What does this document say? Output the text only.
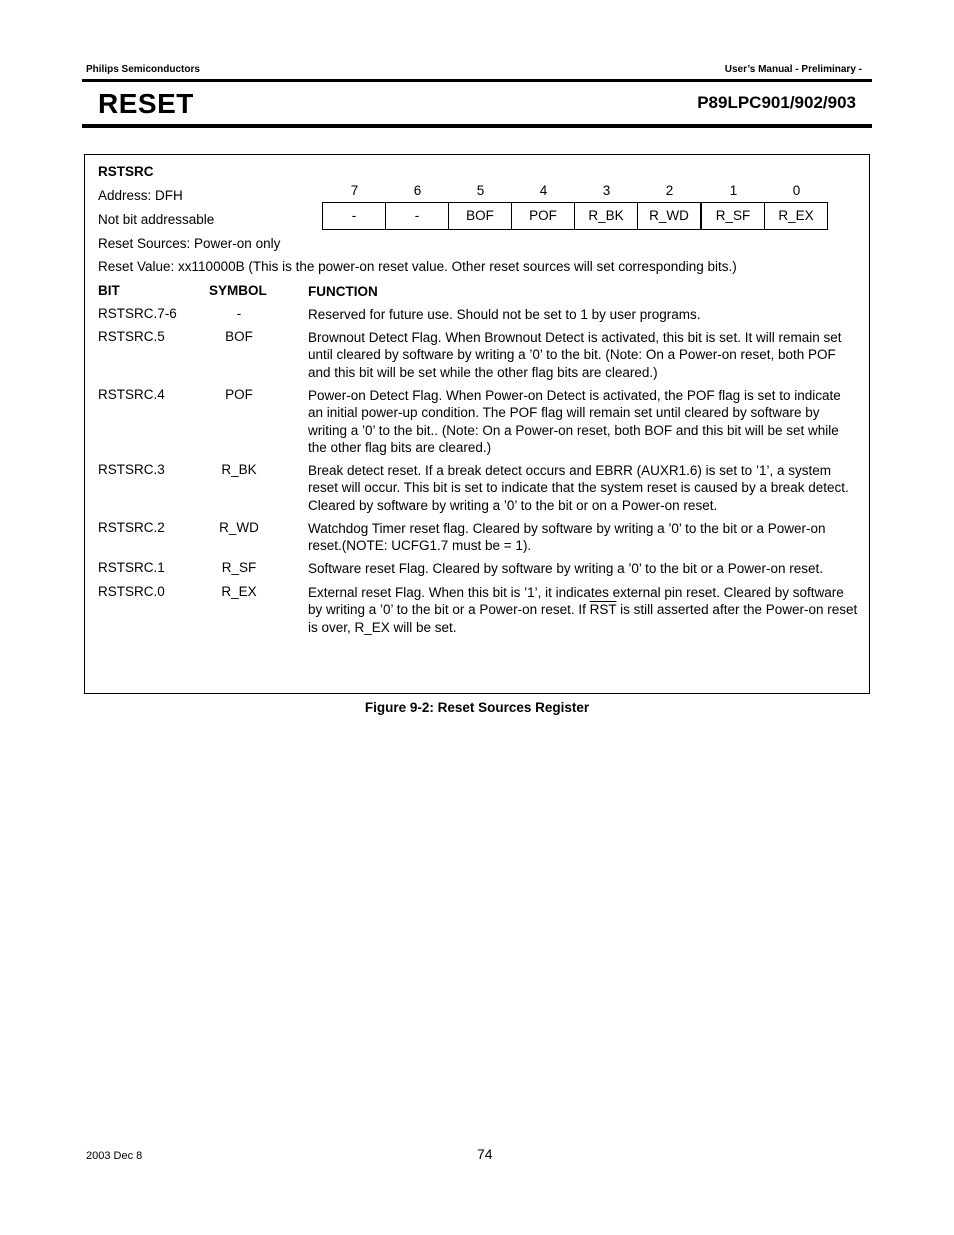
Philips Semiconductors	User’s Manual - Preliminary -
RESET	P89LPC901/902/903
RSTSRC
Address: DFH
Not bit addressable
Reset Sources: Power-on only
Reset Value: xx110000B (This is the power-on reset value. Other reset sources will set corresponding bits.)
7	6	5	4	3	2	1	0
-	-	BOF	POF	R_BK	R_WD	R_SF	R_EX
BIT	SYMBOL	FUNCTION
RSTSRC.7-6	-	Reserved for future use. Should not be set to 1 by user programs.
RSTSRC.5	BOF	Brownout Detect Flag. When Brownout Detect is activated, this bit is set. It will remain set until cleared by software by writing a ’0’ to the bit. (Note: On a Power-on reset, both POF and this bit will be set while the other flag bits are cleared.)
RSTSRC.4	POF	Power-on Detect Flag. When Power-on Detect is activated, the POF flag is set to indicate an initial power-up condition. The POF flag will remain set until cleared by software by writing a ’0’ to the bit.. (Note: On a Power-on reset, both BOF and this bit will be set while the other flag bits are cleared.)
RSTSRC.3	R_BK	Break detect reset. If a break detect occurs and EBRR (AUXR1.6) is set to ’1’, a system reset will occur. This bit is set to indicate that the system reset is caused by a break detect. Cleared by software by writing a ’0’ to the bit or on a Power-on reset.
RSTSRC.2	R_WD	Watchdog Timer reset flag. Cleared by software by writing a ’0’ to the bit or a Power-on reset.(NOTE: UCFG1.7 must be = 1).
RSTSRC.1	R_SF	Software reset Flag. Cleared by software by writing a ’0’ to the bit or a Power-on reset.
RSTSRC.0	R_EX	External reset Flag. When this bit is ’1’, it indicates external pin reset. Cleared by software by writing a ’0’ to the bit or a Power-on reset. If $\overline{RST}$ is still asserted after the Power-on reset is over, R_EX will be set.
Figure 9-2: Reset Sources Register
2003 Dec 8	74
